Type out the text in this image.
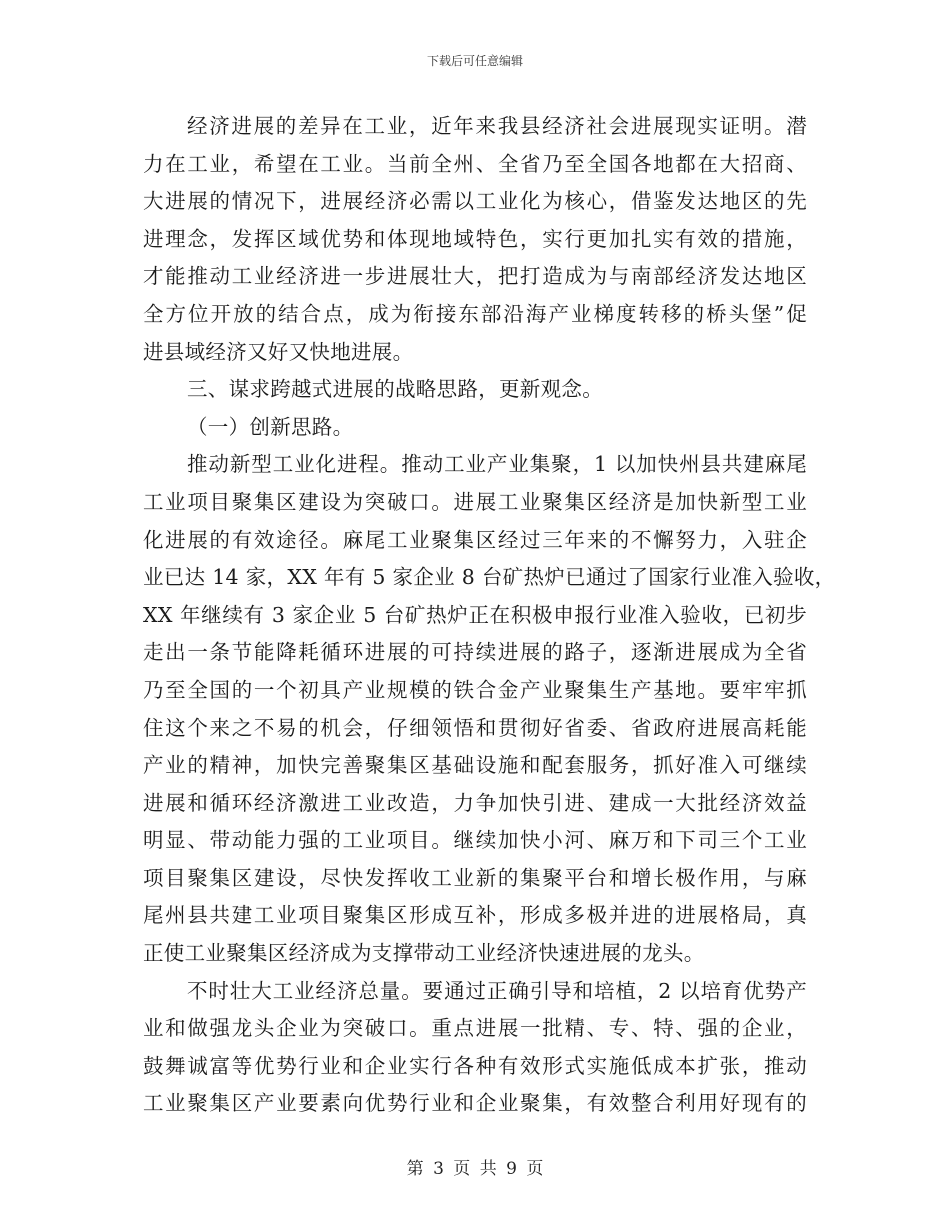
下载后可任意编辑
经济进展的差异在工业，近年来我县经济社会进展现实证明。潜
力在工业，希望在工业。当前全州、全省乃至全国各地都在大招商、
大进展的情况下，进展经济必需以工业化为核心，借鉴发达地区的先
进理念，发挥区域优势和体现地域特色，实行更加扎实有效的措施，
才能推动工业经济进一步进展壮大，把打造成为与南部经济发达地区
全方位开放的结合点，成为衔接东部沿海产业梯度转移的桥头堡”促
进县域经济又好又快地进展。
三、谋求跨越式进展的战略思路，更新观念。
（一）创新思路。
推动新型工业化进程。推动工业产业集聚，1 以加快州县共建麻尾
工业项目聚集区建设为突破口。进展工业聚集区经济是加快新型工业
化进展的有效途径。麻尾工业聚集区经过三年来的不懈努力，入驻企
业已达 14 家，XX 年有 5 家企业 8 台矿热炉已通过了国家行业准入验收，
XX 年继续有 3 家企业 5 台矿热炉正在积极申报行业准入验收，已初步
走出一条节能降耗循环进展的可持续进展的路子，逐渐进展成为全省
乃至全国的一个初具产业规模的铁合金产业聚集生产基地。要牢牢抓
住这个来之不易的机会，仔细领悟和贯彻好省委、省政府进展高耗能
产业的精神，加快完善聚集区基础设施和配套服务，抓好准入可继续
进展和循环经济激进工业改造，力争加快引进、建成一大批经济效益
明显、带动能力强的工业项目。继续加快小河、麻万和下司三个工业
项目聚集区建设，尽快发挥收工业新的集聚平台和增长极作用，与麻
尾州县共建工业项目聚集区形成互补，形成多极并进的进展格局，真
正使工业聚集区经济成为支撑带动工业经济快速进展的龙头。
不时壮大工业经济总量。要通过正确引导和培植，2 以培育优势产
业和做强龙头企业为突破口。重点进展一批精、专、特、强的企业，
鼓舞诚富等优势行业和企业实行各种有效形式实施低成本扩张，推动
工业聚集区产业要素向优势行业和企业聚集，有效整合利用好现有的
第 3 页 共 9 页
